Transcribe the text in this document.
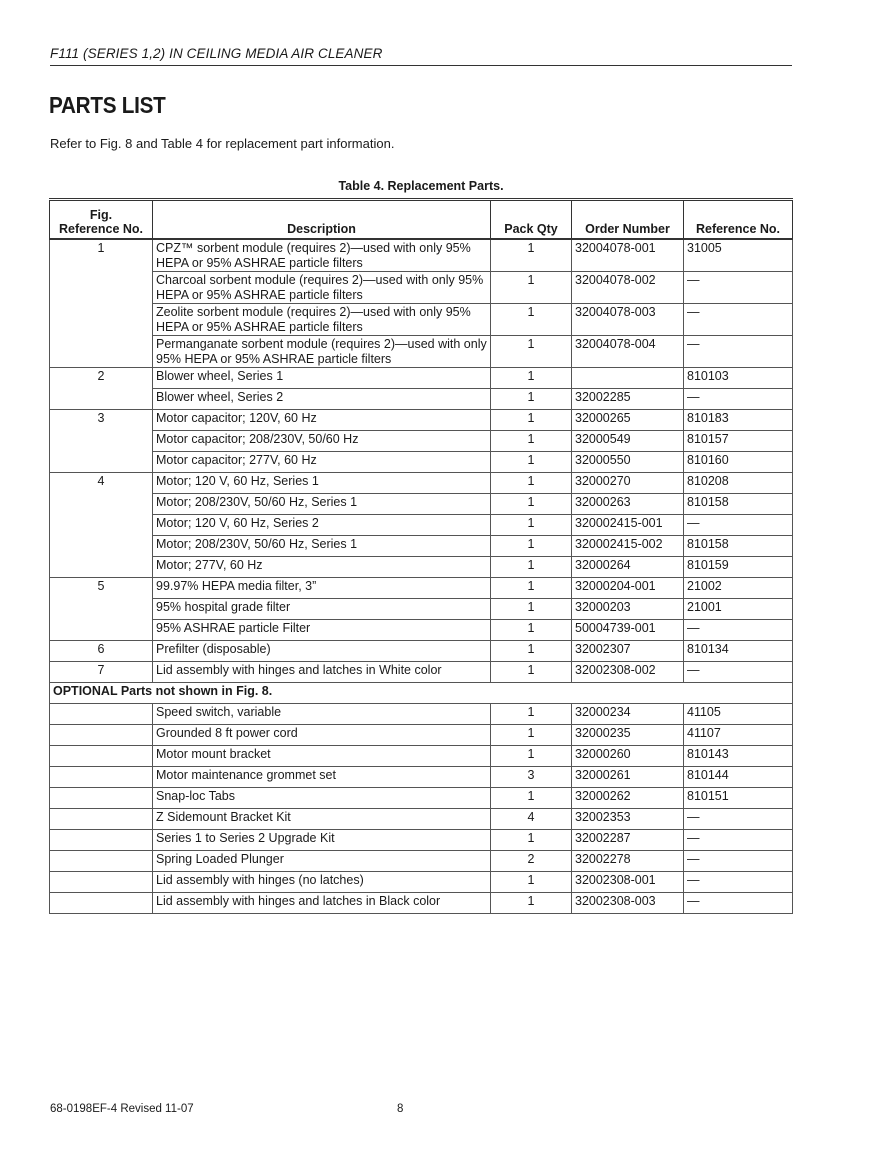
F111 (SERIES 1,2) IN CEILING MEDIA AIR CLEANER
PARTS LIST

Refer to Fig. 8 and Table 4 for replacement part information.

Table 4. Replacement Parts.

Fig.
Reference No.	Description	Pack Qty	Order Number	Reference No.
1	CPZ™ sorbent module (requires 2)—used with only 95% HEPA or 95% ASHRAE particle filters	1	32004078-001	31005
	Charcoal sorbent module (requires 2)—used with only 95% HEPA or 95% ASHRAE particle filters	1	32004078-002	—
	Zeolite sorbent module (requires 2)—used with only 95% HEPA or 95% ASHRAE particle filters	1	32004078-003	—
	Permanganate sorbent module (requires 2)—used with only 95% HEPA or 95% ASHRAE particle filters	1	32004078-004	—
2	Blower wheel, Series 1	1		810103
	Blower wheel, Series 2	1	32002285	—
3	Motor capacitor; 120V, 60 Hz	1	32000265	810183
	Motor capacitor; 208/230V, 50/60 Hz	1	32000549	810157
	Motor capacitor; 277V, 60 Hz	1	32000550	810160
4	Motor; 120 V, 60 Hz, Series 1	1	32000270	810208
	Motor; 208/230V, 50/60 Hz, Series 1	1	32000263	810158
	Motor; 120 V, 60 Hz, Series 2	1	320002415-001	—
	Motor; 208/230V, 50/60 Hz, Series 1	1	320002415-002	810158
	Motor; 277V, 60 Hz	1	32000264	810159
5	99.97% HEPA media filter, 3”	1	32000204-001	21002
	95% hospital grade filter	1	32000203	21001
	95% ASHRAE particle Filter	1	50004739-001	—
6	Prefilter (disposable)	1	32002307	810134
7	Lid assembly with hinges and latches in White color	1	32002308-002	—
OPTIONAL Parts not shown in Fig. 8.				
	Speed switch, variable	1	32000234	41105
	Grounded 8 ft power cord	1	32000235	41107
	Motor mount bracket	1	32000260	810143
	Motor maintenance grommet set	3	32000261	810144
	Snap-loc Tabs	1	32000262	810151
	Z Sidemount Bracket Kit	4	32002353	—
	Series 1 to Series 2 Upgrade Kit	1	32002287	—
	Spring Loaded Plunger	2	32002278	—
	Lid assembly with hinges (no latches)	1	32002308-001	—
	Lid assembly with hinges and latches in Black color	1	32002308-003	—
68-0198EF-4 Revised 11-07	8
